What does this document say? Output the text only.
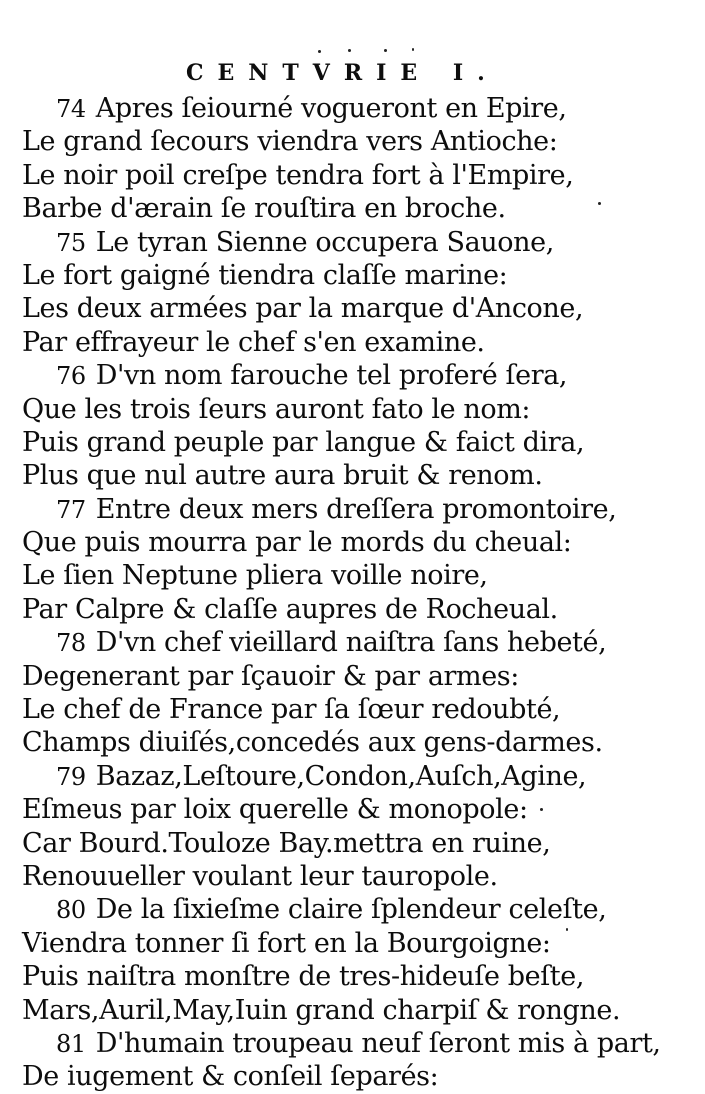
CENTVRIE I.
74 Apres ſeiourné vogueront en Epire,
Le grand ſecours viendra vers Antioche:
Le noir poil creſpe tendra fort à l'Empire,
Barbe d'ærain ſe rouſtira en broche.
75 Le tyran Sienne occupera Sauone,
Le fort gaigné tiendra claſſe marine:
Les deux armées par la marque d'Ancone,
Par effrayeur le chef s'en examine.
76 D'vn nom farouche tel proferé ſera,
Que les trois ſeurs auront fato le nom:
Puis grand peuple par langue & faict dira,
Plus que nul autre aura bruit & renom.
77 Entre deux mers dreſſera promontoire,
Que puis mourra par le mords du cheual:
Le ſien Neptune pliera voille noire,
Par Calpre & claſſe aupres de Rocheual.
78 D'vn chef vieillard naiſtra ſans hebeté,
Degenerant par ſçauoir & par armes:
Le chef de France par ſa ſœur redoubté,
Champs diuiſés,concedés aux gens-darmes.
79 Bazaz,Leſtoure,Condon,Auſch,Agine,
Eſmeus par loix querelle & monopole:
Car Bourd.Touloze Bay.mettra en ruine,
Renouueller voulant leur tauropole.
80 De la ſixieſme claire ſplendeur celeſte,
Viendra tonner ſi fort en la Bourgoigne:
Puis naiſtra monſtre de tres-hideuſe beſte,
Mars,Auril,May,Iuin grand charpiſ & rongne.
81 D'humain troupeau neuf ſeront mis à part,
De iugement & conſeil ſeparés:
